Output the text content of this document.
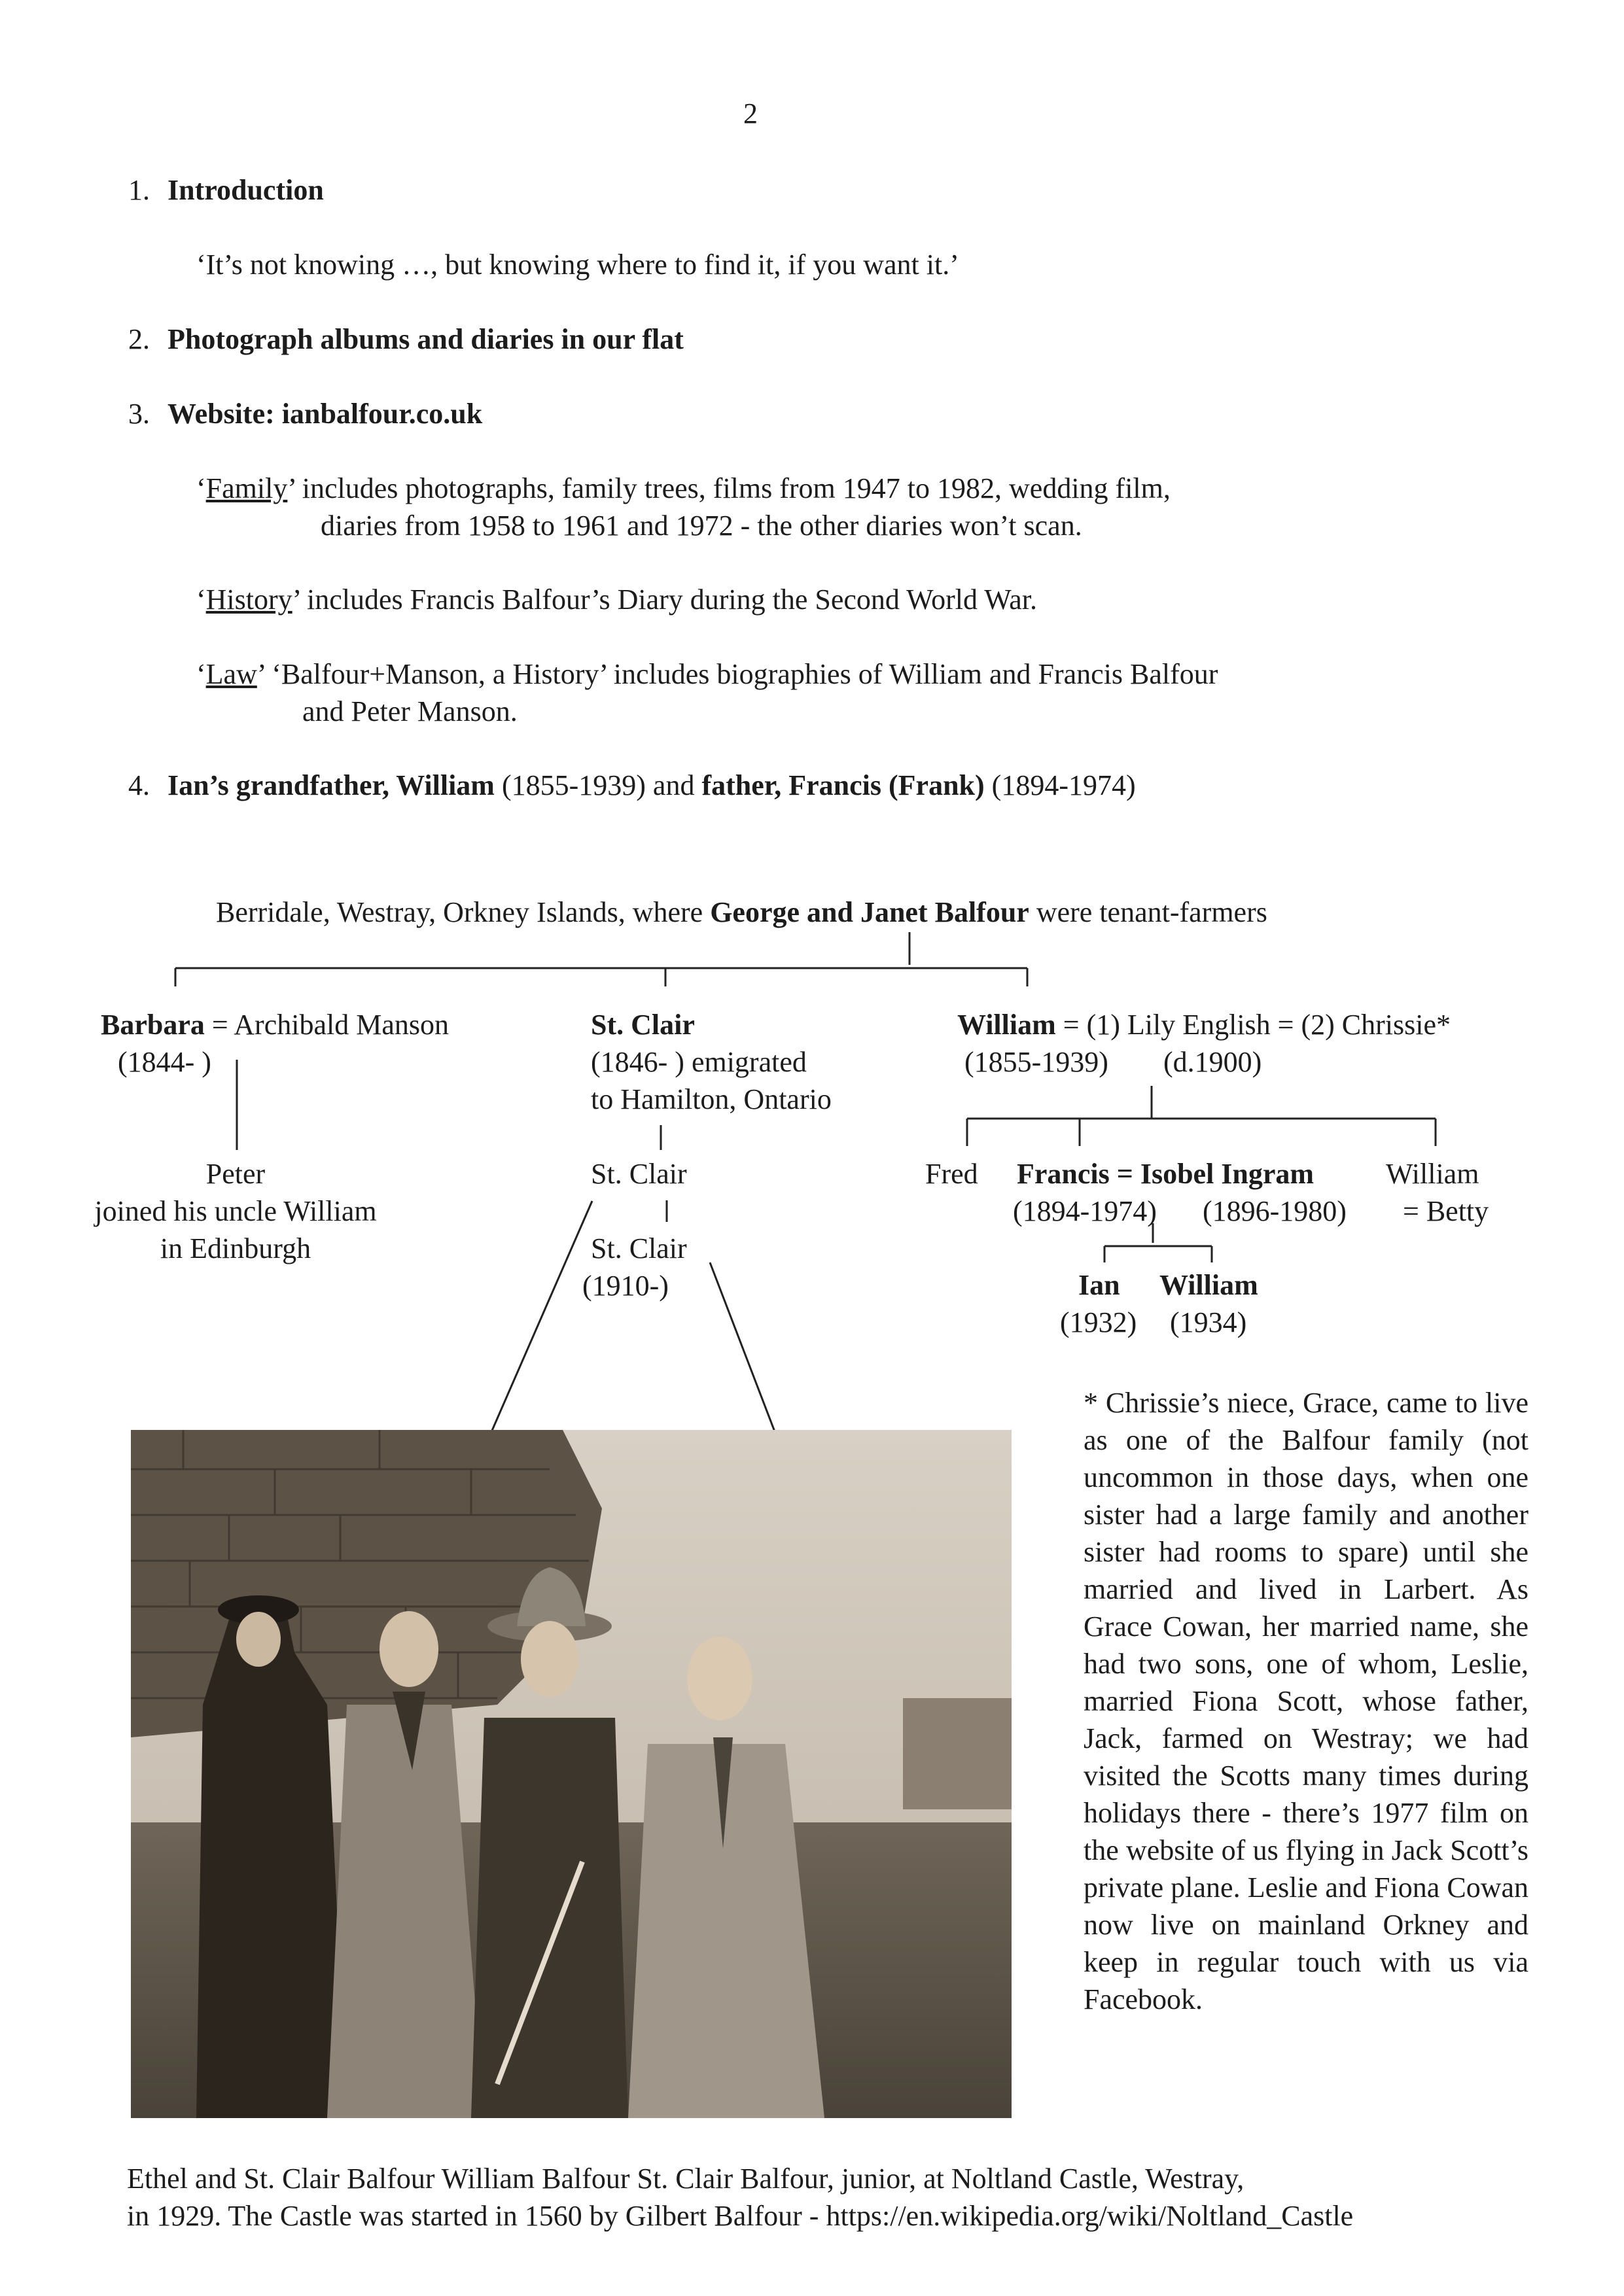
2
1. Introduction
‘It’s not knowing …, but knowing where to find it, if you want it.’
2. Photograph albums and diaries in our flat
3. Website: ianbalfour.co.uk
‘Family’ includes photographs, family trees, films from 1947 to 1982, wedding film,
diaries from 1958 to 1961 and 1972 - the other diaries won’t scan.
‘History’ includes Francis Balfour’s Diary during the Second World War.
‘Law’ ‘Balfour+Manson, a History’ includes biographies of William and Francis Balfour
and Peter Manson.
4. Ian’s grandfather, William (1855-1939) and father, Francis (Frank) (1894-1974)
Berridale, Westray, Orkney Islands, where George and Janet Balfour were tenant-farmers
Barbara = Archibald Manson
(1844- )
Peter
joined his uncle William
in Edinburgh
St. Clair
(1846- ) emigrated
to Hamilton, Ontario
St. Clair
St. Clair
(1910-)
William = (1) Lily English = (2) Chrissie*
(1855-1939) (d.1900)
Fred Francis = Isobel Ingram
(1894-1974) (1896-1980)
William
= Betty
Ian William
(1932) (1934)
* Chrissie’s niece, Grace, came to live as one of the Balfour family (not uncommon in those days, when one sister had a large family and another sister had rooms to spare) until she married and lived in Larbert. As Grace Cowan, her married name, she had two sons, one of whom, Leslie, married Fiona Scott, whose father, Jack, farmed on Westray; we had visited the Scotts many times during holidays there - there’s 1977 film on the website of us flying in Jack Scott’s private plane. Leslie and Fiona Cowan now live on mainland Orkney and keep in regular touch with us via Facebook.
Ethel and St. Clair Balfour William Balfour St. Clair Balfour, junior, at Noltland Castle, Westray,
in 1929. The Castle was started in 1560 by Gilbert Balfour - https://en.wikipedia.org/wiki/Noltland_Castle
